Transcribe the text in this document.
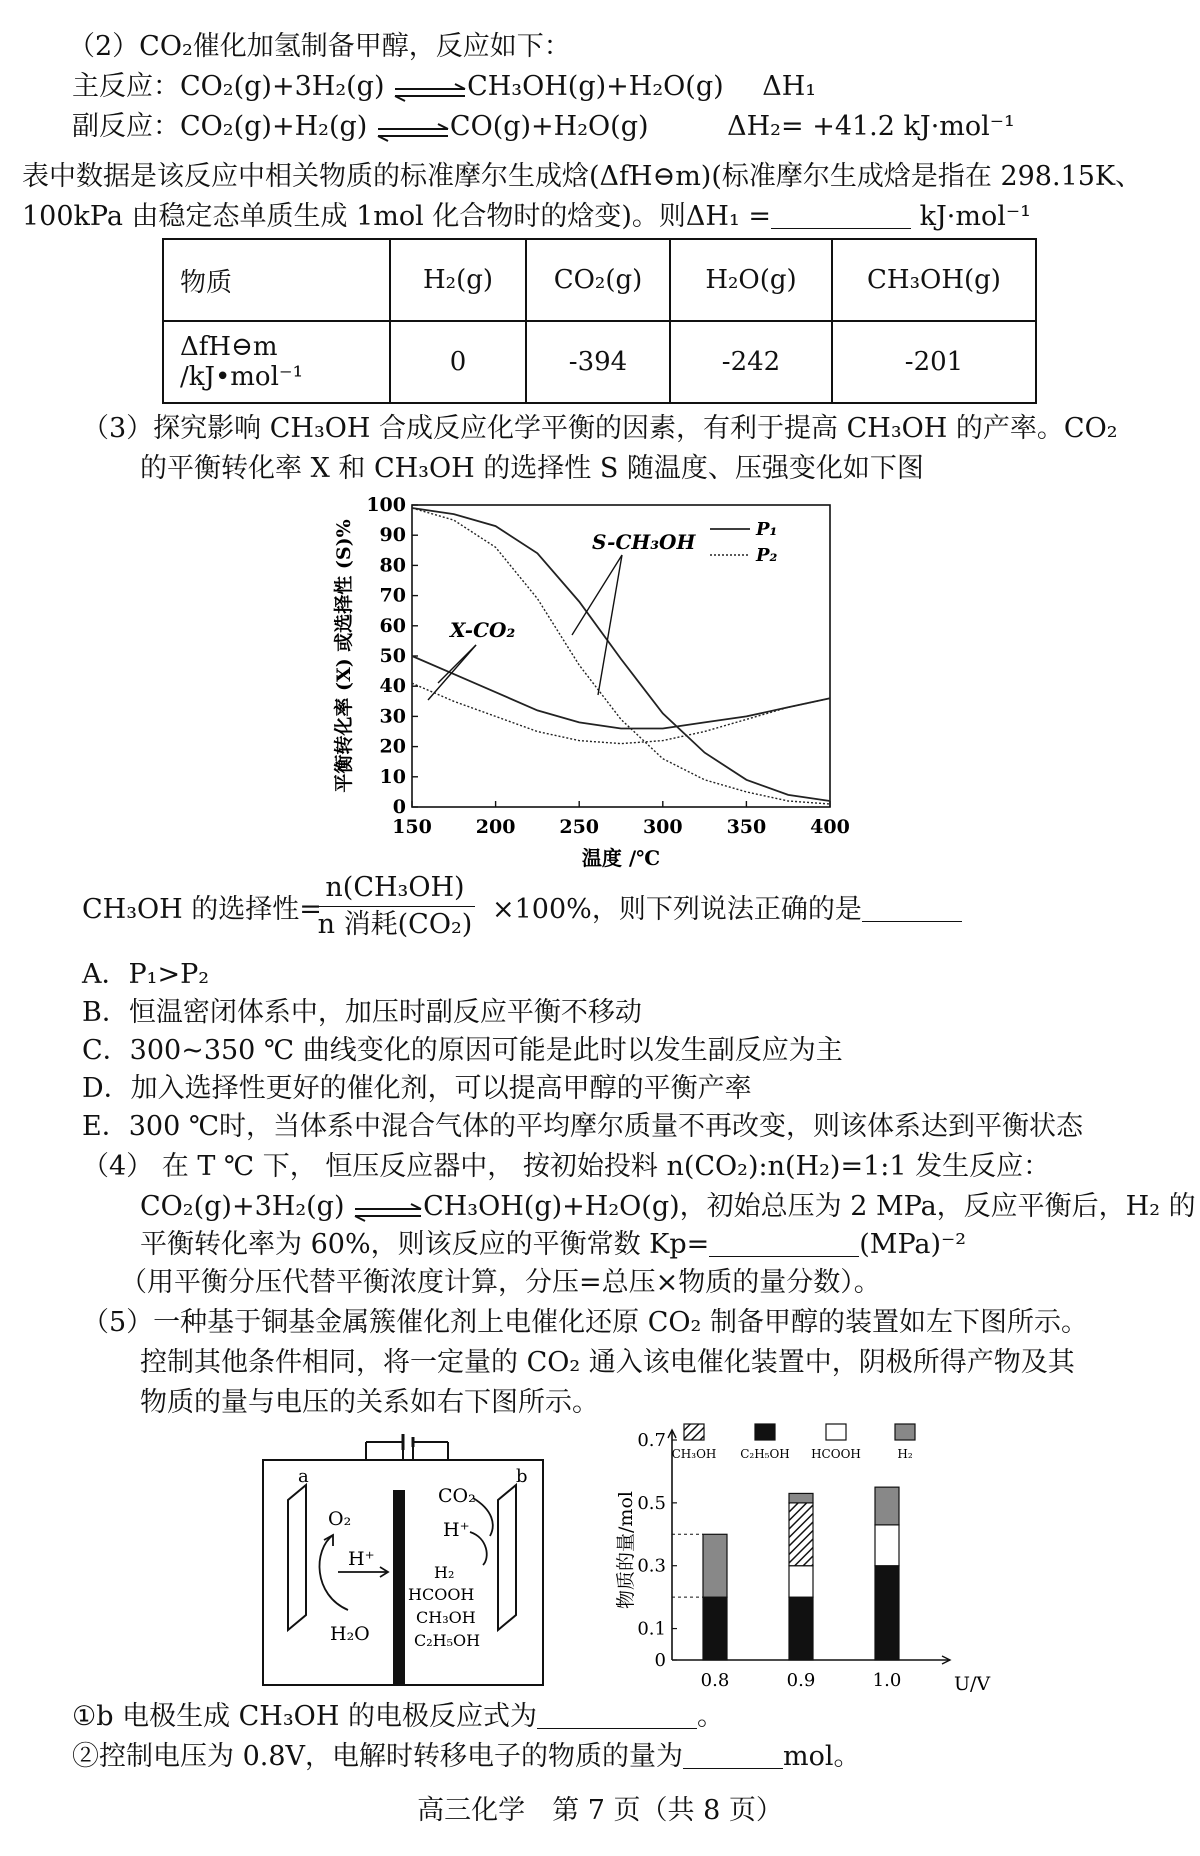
（2）CO₂催化加氢制备甲醇，反应如下：
主反应：CO₂(g)+3H₂(g) ⇌CH₃OH(g)+H₂O(g) ΔH₁
副反应：CO₂(g)+H₂(g) ⇌CO(g)+H₂O(g)	ΔH₂= +41.2 kJ·mol⁻¹
表中数据是该反应中相关物质的标准摩尔生成焓(ΔfH⊖m)(标准摩尔生成焓是指在 298.15K、
100kPa 由稳定态单质生成 1mol 化合物时的焓变)。则ΔH₁ =	kJ·mol⁻¹
物质	H₂(g)	CO₂(g)	H₂O(g)	CH₃OH(g)
ΔfH⊖m /kJ•mol⁻¹	0	-394	-242	-201
（3）探究影响 CH₃OH 合成反应化学平衡的因素，有利于提高 CH₃OH 的产率。CO₂
的平衡转化率 X 和 CH₃OH 的选择性 S 随温度、压强变化如下图
0
10
20
30
40
50
60
70
80
90
100
150 200 250 300 350 400
温度 /℃
平衡转化率 (X) 或选择性 (S)%	P₁
P₂
S-CH₃OH
X-CO₂
CH₃OH 的选择性=
n(CH₃OH)
n 消耗(CO₂) ×100%，则下列说法正确的是
A．P₁>P₂
B．恒温密闭体系中，加压时副反应平衡不移动
C．300~350 ℃ 曲线变化的原因可能是此时以发生副反应为主
D．加入选择性更好的催化剂，可以提高甲醇的平衡产率
E．300 ℃时，当体系中混合气体的平均摩尔质量不再改变，则该体系达到平衡状态
（4） 在 T ℃ 下， 恒压反应器中， 按初始投料 n(CO₂):n(H₂)=1:1 发生反应：
CO₂(g)+3H₂(g) ⇌CH₃OH(g)+H₂O(g)，初始总压为 2 MPa，反应平衡后，H₂ 的
平衡转化率为 60%，则该反应的平衡常数 Kp=	(MPa)⁻²
（用平衡分压代替平衡浓度计算，分压=总压×物质的量分数）。
（5）一种基于铜基金属簇催化剂上电催化还原 CO₂ 制备甲醇的装置如左下图所示。
控制其他条件相同，将一定量的 CO₂ 通入该电催化装置中，阴极所得产物及其
物质的量与电压的关系如右下图所示。
a	b
O₂
H⁺
H₂O
CO₂
H⁺
H₂
HCOOH
CH₃OH
C₂H₅OH
0
0.1
0.3
0.5
0.7
物质的量/mol
U/V
0.8	0.9	1.0
CH₃OH C₂H₅OH HCOOH	H₂
①b 电极生成 CH₃OH 的电极反应式为	。
②控制电压为 0.8V，电解时转移电子的物质的量为	mol。
高三化学　第 7 页（共 8 页）
